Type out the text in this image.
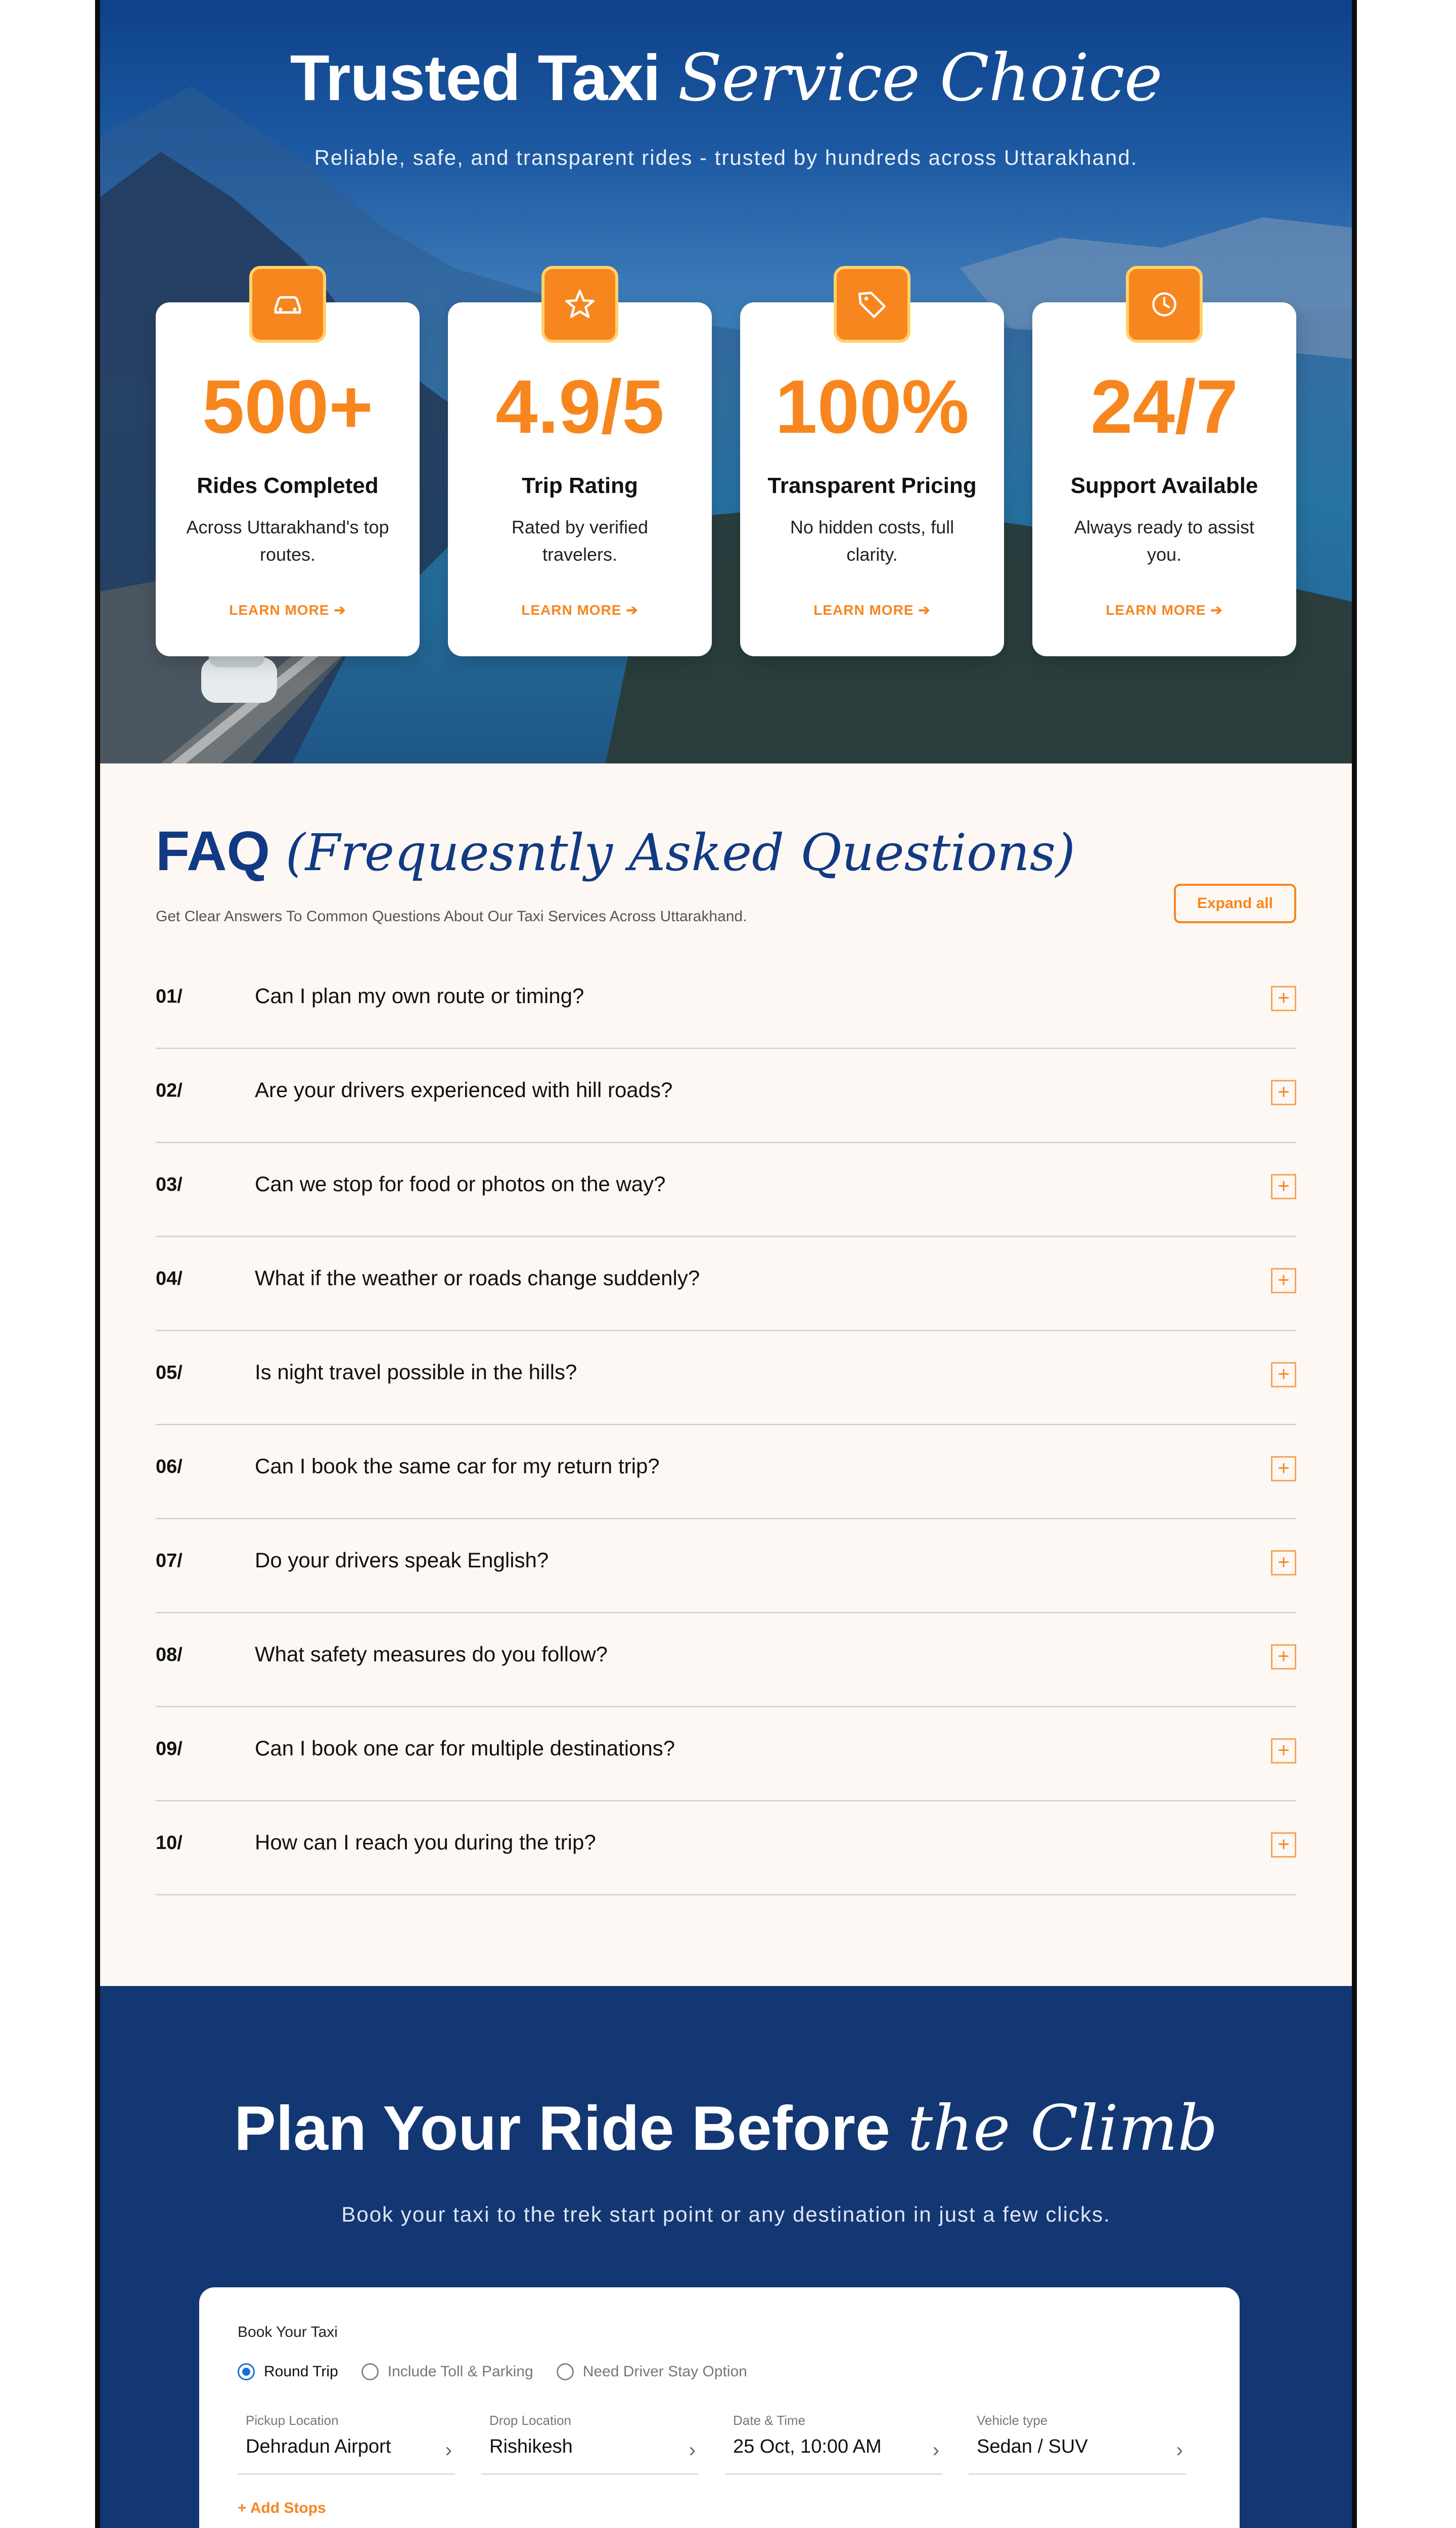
Trusted Taxi Service Choice
Reliable, safe, and transparent rides - trusted by hundreds across Uttarakhand.
500+
Rides Completed
Across Uttarakhand's top routes.
LEARN MORE ➔
4.9/5
Trip Rating
Rated by verified travelers.
LEARN MORE ➔
100%
Transparent Pricing
No hidden costs, full clarity.
LEARN MORE ➔
24/7
Support Available
Always ready to assist you.
LEARN MORE ➔
FAQ (Frequesntly Asked Questions)
Get Clear Answers To Common Questions About Our Taxi Services Across Uttarakhand.
Expand all
01/	Can I plan my own route or timing?	+
02/	Are your drivers experienced with hill roads?	+
03/	Can we stop for food or photos on the way?	+
04/	What if the weather or roads change suddenly?	+
05/	Is night travel possible in the hills?	+
06/	Can I book the same car for my return trip?	+
07/	Do your drivers speak English?	+
08/	What safety measures do you follow?	+
09/	Can I book one car for multiple destinations?	+
10/	How can I reach you during the trip?	+
Plan Your Ride Before the Climb
Book your taxi to the trek start point or any destination in just a few clicks.
Book Your Taxi
Round Trip	Include Toll & Parking	Need Driver Stay Option
Pickup Location
Dehradun Airport	›
Drop Location
Rishikesh	›
Date & Time
25 Oct, 10:00 AM	›
Vehicle type
Sedan / SUV	›
+ Add Stops
